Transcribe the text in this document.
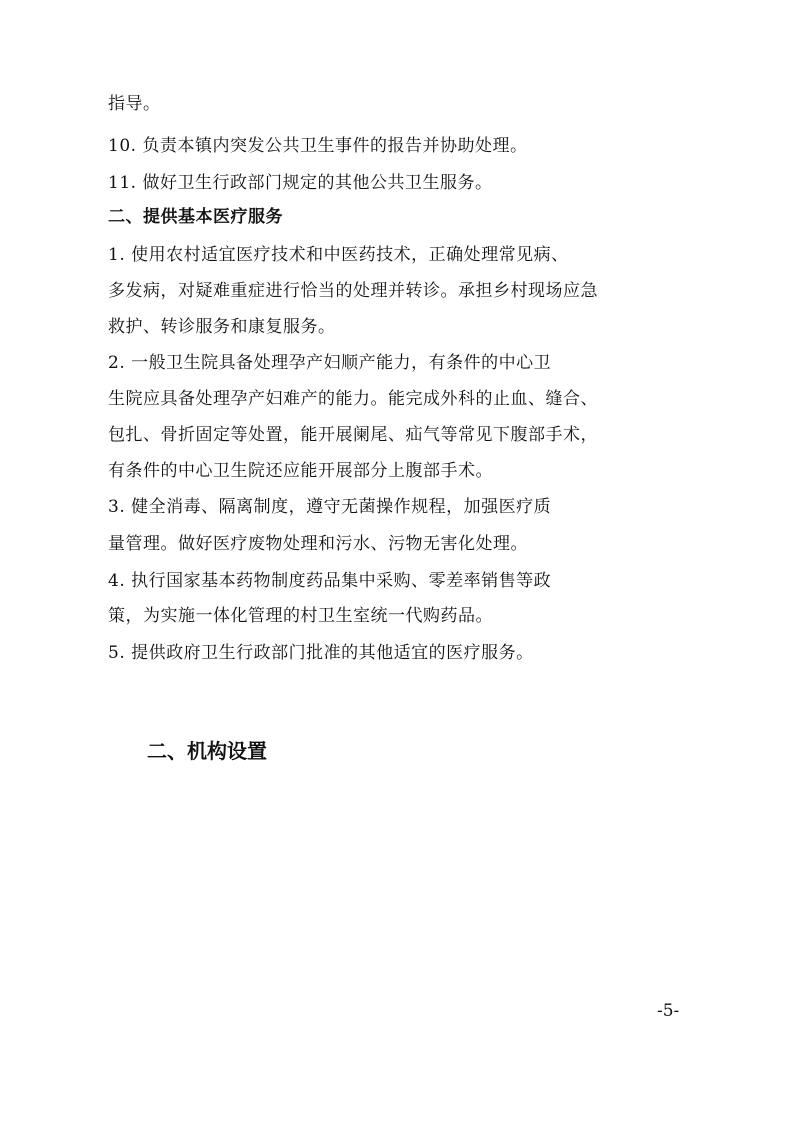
指导。
10. 负责本镇内突发公共卫生事件的报告并协助处理。
11. 做好卫生行政部门规定的其他公共卫生服务。
二、提供基本医疗服务
1. 使用农村适宜医疗技术和中医药技术，正确处理常见病、
多发病，对疑难重症进行恰当的处理并转诊。承担乡村现场应急
救护、转诊服务和康复服务。
2. 一般卫生院具备处理孕产妇顺产能力，有条件的中心卫
生院应具备处理孕产妇难产的能力。能完成外科的止血、缝合、
包扎、骨折固定等处置，能开展阑尾、疝气等常见下腹部手术，
有条件的中心卫生院还应能开展部分上腹部手术。
3. 健全消毒、隔离制度，遵守无菌操作规程，加强医疗质
量管理。做好医疗废物处理和污水、污物无害化处理。
4. 执行国家基本药物制度药品集中采购、零差率销售等政
策，为实施一体化管理的村卫生室统一代购药品。
5. 提供政府卫生行政部门批准的其他适宜的医疗服务。
二、机构设置
-5-
